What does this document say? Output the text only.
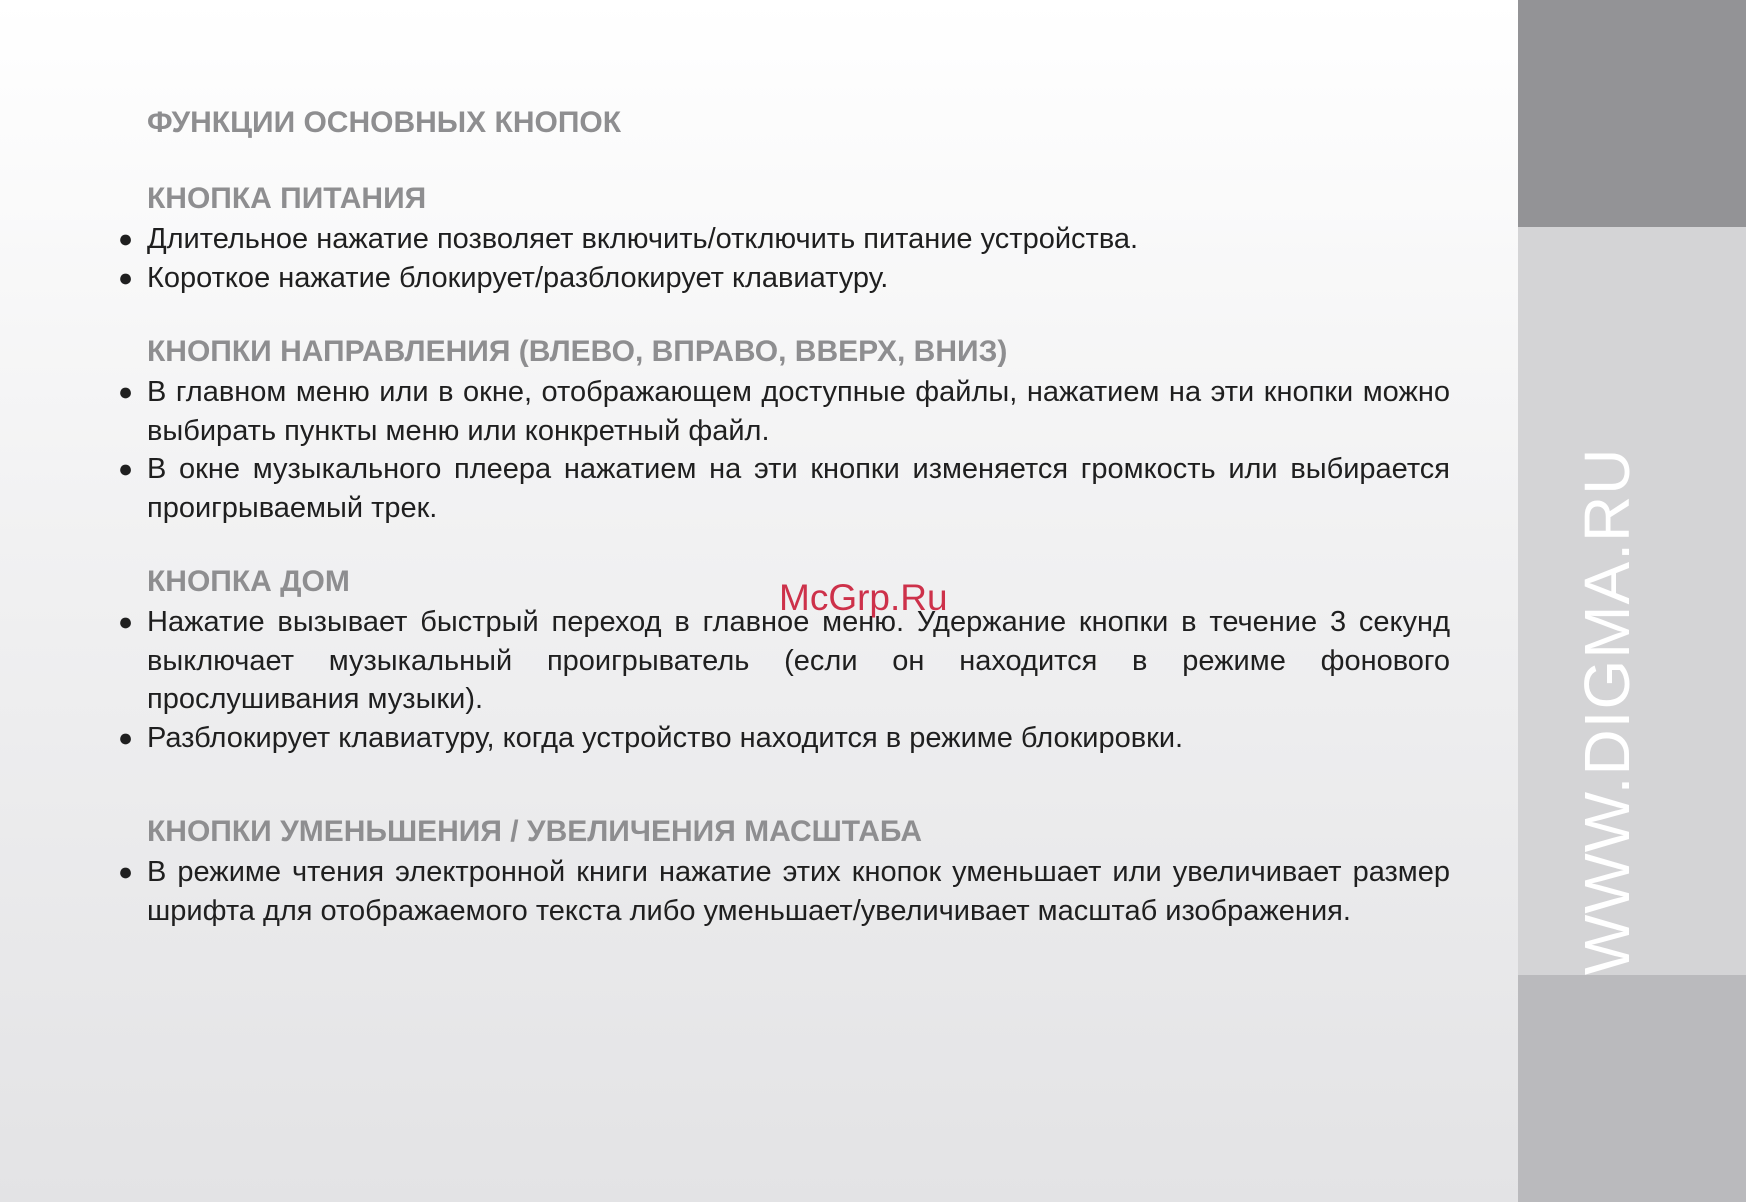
ФУНКЦИИ ОСНОВНЫХ КНОПОК
КНОПКА ПИТАНИЯ
● Длительное нажатие позволяет включить/отключить питание устройства.
● Короткое нажатие блокирует/разблокирует клавиатуру.
КНОПКИ НАПРАВЛЕНИЯ (ВЛЕВО, ВПРАВО, ВВЕРХ, ВНИЗ)
● В главном меню или в окне, отображающем доступные файлы, нажатием на эти кнопки можно выбирать пункты меню или конкретный файл.
● В окне музыкального плеера нажатием на эти кнопки изменяется громкость или выбирается проигрываемый трек.
КНОПКА ДОМ
● Нажатие вызывает быстрый переход в главное меню. Удержание кнопки в течение 3 секунд выключает музыкальный проигрыватель (если он находится в режиме фонового прослушивания музыки).
● Разблокирует клавиатуру, когда устройство находится в режиме блокировки.
КНОПКИ УМЕНЬШЕНИЯ / УВЕЛИЧЕНИЯ МАСШТАБА
● В режиме чтения электронной книги нажатие этих кнопок уменьшает или увеличивает размер шрифта для отображаемого текста либо уменьшает/увеличивает масштаб изображения.
McGrp.Ru	WWW.DIGMA.RU
